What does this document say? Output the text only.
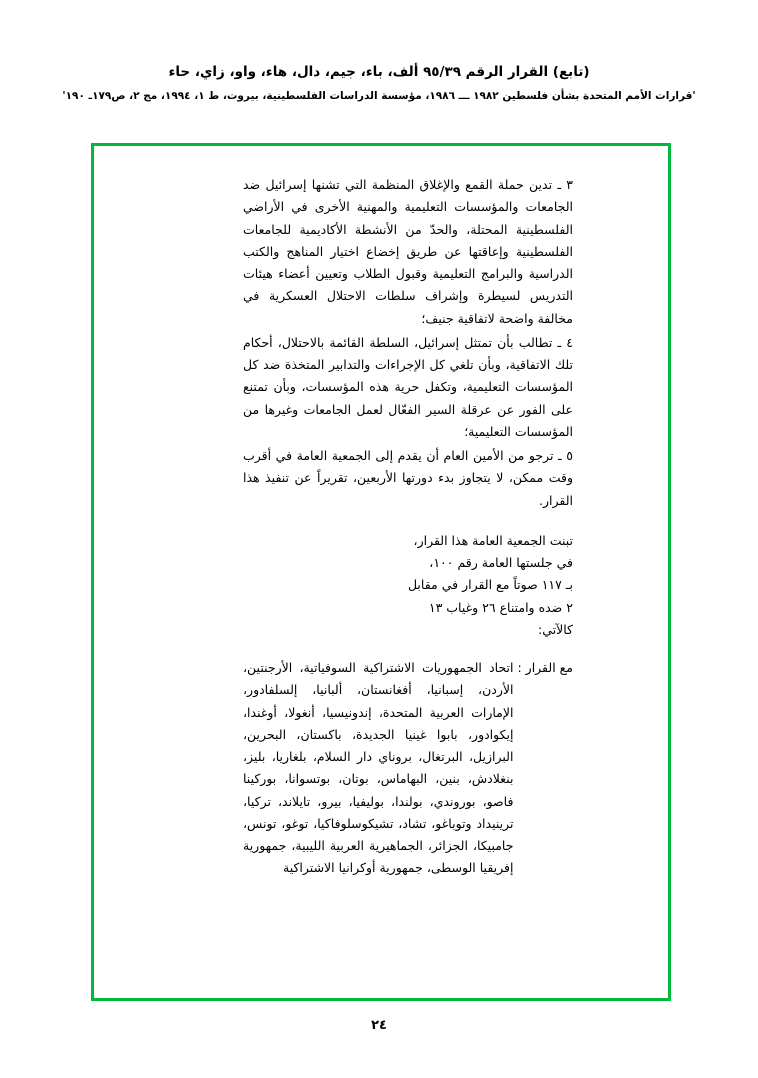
(تابع) القرار الرقم ٩٥/٣٩ ألف، باء، جيم، دال، هاء، واو، زاي، حاء
'قرارات الأمم المتحدة بشأن فلسطين ١٩٨٢ ـــ ١٩٨٦، مؤسسة الدراسات الفلسطينية، بيروت، ط ١، ١٩٩٤، مج ٢، ص١٧٩ـ ١٩٠'

٣ ـ تدين حملة القمع والإغلاق المنظمة التي تشنها إسرائيل ضد الجامعات والمؤسسات التعليمية والمهنية الأخرى في الأراضي الفلسطينية المحتلة، والحدّ من الأنشطة الأكاديمية للجامعات الفلسطينية وإعاقتها عن طريق إخضاع اختيار المناهج والكتب الدراسية والبرامج التعليمية وقبول الطلاب وتعيين أعضاء هيئات التدريس لسيطرة وإشراف سلطات الاحتلال العسكرية في مخالفة واضحة لاتفاقية جنيف؛

٤ ـ تطالب بأن تمتثل إسرائيل، السلطة القائمة بالاحتلال، أحكام تلك الاتفاقية، وبأن تلغي كل الإجراءات والتدابير المتخذة ضد كل المؤسسات التعليمية، وتكفل حرية هذه المؤسسات، وبأن تمتنع على الفور عن عرقلة السير الفعّال لعمل الجامعات وغيرها من المؤسسات التعليمية؛

٥ ـ ترجو من الأمين العام أن يقدم إلى الجمعية العامة في أقرب وقت ممكن، لا يتجاوز بدء دورتها الأربعين، تقريراً عن تنفيذ هذا القرار.

تبنت الجمعية العامة هذا القرار،

في جلستها العامة رقم ١٠٠،

بـ ١١٧ صوتاً مع القرار في مقابل

٢ ضده وامتناع ٢٦ وغياب ١٣

كالآتي:

مع القرار :
اتحاد الجمهوريات الاشتراكية السوفياتية، الأرجنتين، الأردن، إسبانيا، أفغانستان، ألبانيا، إلسلفادور، الإمارات العربية المتحدة، إندونيسيا، أنغولا، أوغندا، إيكوادور، بابوا غينيا الجديدة، باكستان، البحرين، البرازيل، البرتغال، بروناي دار السلام، بلغاريا، بليز، بنغلادش، بنين، البهاماس، بوتان، بوتسوانا، بوركينا فاصو، بوروندي، بولندا، بوليفيا، بيرو، تايلاند، تركيا، ترينيداد وتوباغو، تشاد، تشيكوسلوفاكيا، توغو، تونس، جامبيكا، الجزائر، الجماهيرية العربية الليبية، جمهورية إفريقيا الوسطى، جمهورية أوكرانيا الاشتراكية
٢٤
